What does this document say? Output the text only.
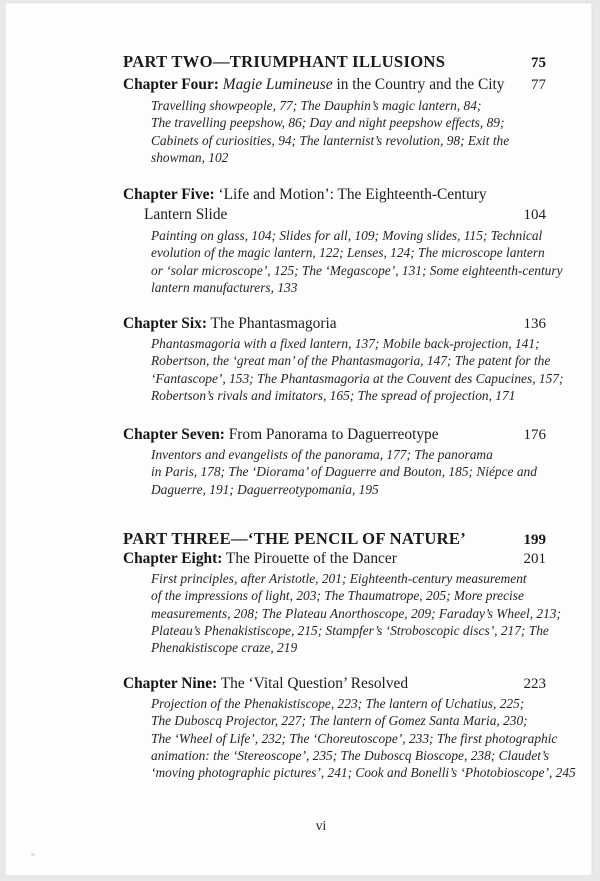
PART TWO—TRIUMPHANT ILLUSIONS	75
Chapter Four: Magie Lumineuse in the Country and the City 77
Travelling showpeople, 77; The Dauphin’s magic lantern, 84;
The travelling peepshow, 86; Day and night peepshow effects, 89;
Cabinets of curiosities, 94; The lanternist’s revolution, 98; Exit the
showman, 102
Chapter Five: ‘Life and Motion’: The Eighteenth-Century
Lantern Slide	104
Painting on glass, 104; Slides for all, 109; Moving slides, 115; Technical
evolution of the magic lantern, 122; Lenses, 124; The microscope lantern
or ‘solar microscope’, 125; The ‘Megascope’, 131; Some eighteenth-century
lantern manufacturers, 133
Chapter Six: The Phantasmagoria	136
Phantasmagoria with a fixed lantern, 137; Mobile back-projection, 141;
Robertson, the ‘great man’ of the Phantasmagoria, 147; The patent for the
‘Fantascope’, 153; The Phantasmagoria at the Couvent des Capucines, 157;
Robertson’s rivals and imitators, 165; The spread of projection, 171
Chapter Seven: From Panorama to Daguerreotype	176
Inventors and evangelists of the panorama, 177; The panorama
in Paris, 178; The ‘Diorama’ of Daguerre and Bouton, 185; Niépce and
Daguerre, 191; Daguerreotypomania, 195
PART THREE—‘THE PENCIL OF NATURE’	199
Chapter Eight: The Pirouette of the Dancer	201
First principles, after Aristotle, 201; Eighteenth-century measurement
of the impressions of light, 203; The Thaumatrope, 205; More precise
measurements, 208; The Plateau Anorthoscope, 209; Faraday’s Wheel, 213;
Plateau’s Phenakistiscope, 215; Stampfer’s ‘Stroboscopic discs’, 217; The
Phenakistiscope craze, 219
Chapter Nine: The ‘Vital Question’ Resolved	223
Projection of the Phenakistiscope, 223; The lantern of Uchatius, 225;
The Duboscq Projector, 227; The lantern of Gomez Santa Maria, 230;
The ‘Wheel of Life’, 232; The ‘Choreutoscope’, 233; The first photographic
animation: the ‘Stereoscope’, 235; The Duboscq Bioscope, 238; Claudet’s
‘moving photographic pictures’, 241; Cook and Bonelli’s ‘Photobioscope’, 245
vi
